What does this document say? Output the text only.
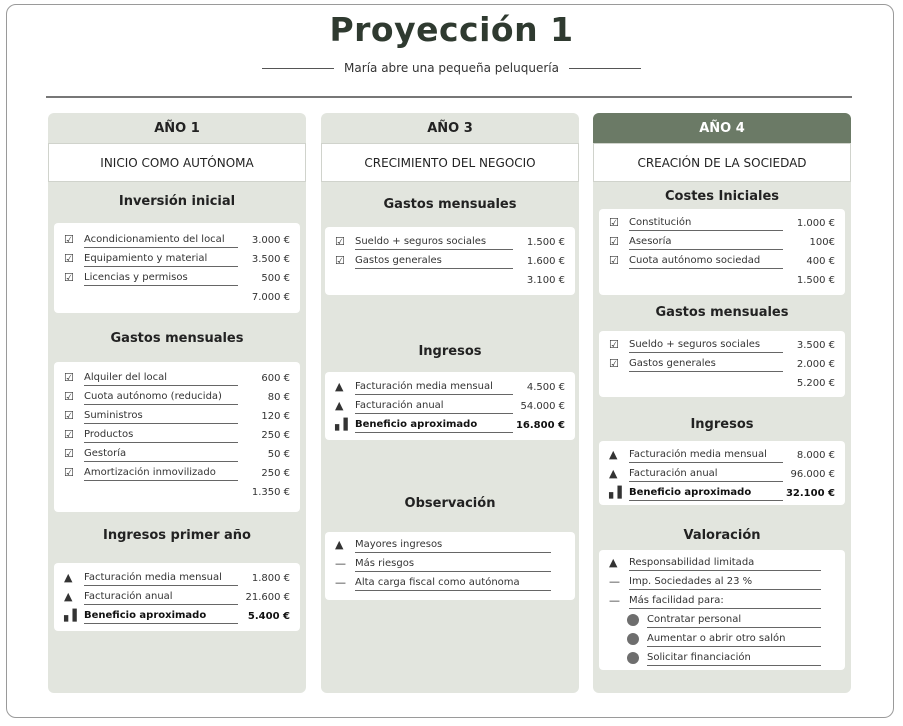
Proyección 1
María abre una pequeña peluquería
AÑO 1
INICIO COMO AUTÓNOMA
Inversión inicial
☑	Acondicionamiento del local	3.000 €
☑	Equipamiento y material	3.500 €
☑	Licencias y permisos	500 €
7.000 €
Gastos mensuales
☑	Alquiler del local	600 €
☑	Cuota autónomo (reducida)	80 €
☑	Suministros	120 €
☑	Productos	250 €
☑	Gestoría	50 €
☑	Amortización inmovilizado	250 €
1.350 €
Ingresos primer año
▲	Facturación media mensual	1.800 €
▲	Facturación anual	21.600 €
▖▌ Beneficio aproximado	5.400 €
AÑO 3
CRECIMIENTO DEL NEGOCIO
Gastos mensuales
☑	Sueldo + seguros sociales	1.500 €
☑	Gastos generales	1.600 €
3.100 €
Ingresos
▲	Facturación media mensual	4.500 €
▲	Facturación anual	54.000 €
▖▌ Beneficio aproximado	16.800 €
Observación
▲	Mayores ingresos
— Más riesgos
— Alta carga fiscal como autónoma
AÑO 4
CREACIÓN DE LA SOCIEDAD
Costes Iniciales
☑	Constitución	1.000 €
☑	Asesoría	100€
☑	Cuota autónomo sociedad	400 €
1.500 €
Gastos mensuales
☑	Sueldo + seguros sociales	3.500 €
☑	Gastos generales	2.000 €
5.200 €
Ingresos
▲	Facturación media mensual	8.000 €
▲	Facturación anual	96.000 €
▖▌ Beneficio aproximado	32.100 €
Valoración
▲	Responsabilidad limitada
— Imp. Sociedades al 23 %
— Más facilidad para:
Contratar personal
Aumentar o abrir otro salón
Solicitar financiación
